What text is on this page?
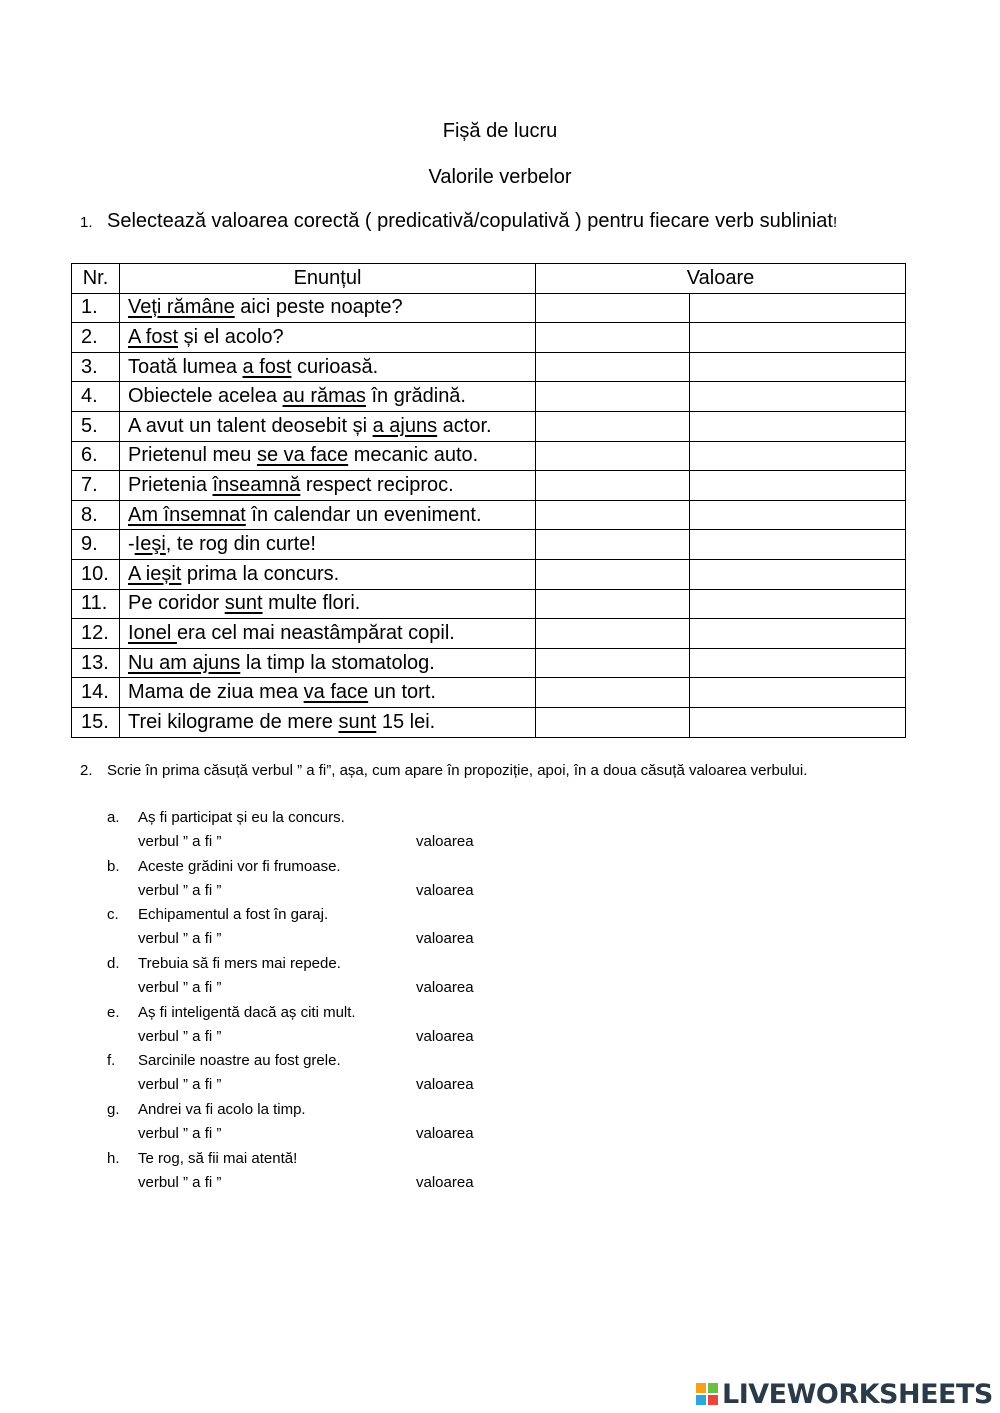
Fișă de lucru
Valorile verbelor
1. Selectează valoarea corectă ( predicativă/copulativă ) pentru fiecare verb subliniat!
Nr.	Enunțul	Valoare	
1.	Veți rămâne aici peste noapte?		
2.	A fost și el acolo?		
3.	Toată lumea a fost curioasă.		
4.	Obiectele acelea au rămas în grădină.		
5.	A avut un talent deosebit și a ajuns actor.		
6.	Prietenul meu se va face mecanic auto.		
7.	Prietenia înseamnă respect reciproc.		
8.	Am însemnat în calendar un eveniment.		
9.	-Ieşi, te rog din curte!		
10.	A ieșit prima la concurs.		
11.	Pe coridor sunt multe flori.		
12.	Ionel era cel mai neastâmpărat copil.		
13.	Nu am ajuns la timp la stomatolog.		
14.	Mama de ziua mea va face un tort.		
15.	Trei kilograme de mere sunt 15 lei.		
2. Scrie în prima căsuță verbul ” a fi”, așa, cum apare în propoziție, apoi, în a doua căsuță valoarea verbului.
a. Aș fi participat și eu la concurs.
verbul ” a fi ”	valoarea
b. Aceste grădini vor fi frumoase.
verbul ” a fi ”	valoarea
c. Echipamentul a fost în garaj.
verbul ” a fi ”	valoarea
d. Trebuia să fi mers mai repede.
verbul ” a fi ”	valoarea
e. Aș fi inteligentă dacă aș citi mult.
verbul ” a fi ”	valoarea
f. Sarcinile noastre au fost grele.
verbul ” a fi ”	valoarea
g. Andrei va fi acolo la timp.
verbul ” a fi ”	valoarea
h. Te rog, să fii mai atentă!
verbul ” a fi ”	valoarea
LIVEWORKSHEETS
